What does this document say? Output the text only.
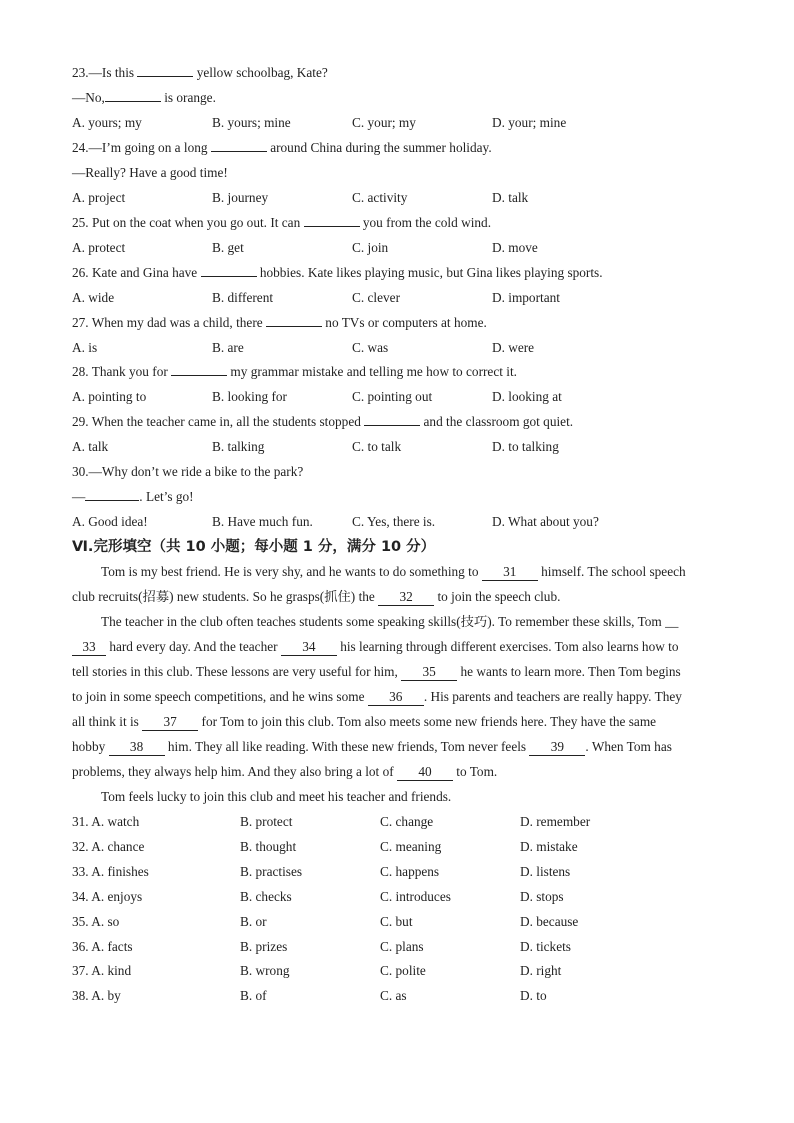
23.—Is this	yellow schoolbag, Kate?
—No,	is orange.
A. yours; my	B. yours; mine	C. your; my	D. your; mine
24.—I’m going on a long	around China during the summer holiday.
—Really? Have a good time!
A. project	B. journey	C. activity	D. talk
25. Put on the coat when you go out. It can	you from the cold wind.
A. protect	B. get	C. join	D. move
26. Kate and Gina have	hobbies. Kate likes playing music, but Gina likes playing sports.
A. wide	B. different	C. clever	D. important
27. When my dad was a child, there	no TVs or computers at home.
A. is	B. are	C. was	D. were
28. Thank you for	my grammar mistake and telling me how to correct it.
A. pointing to	B. looking for	C. pointing out	D. looking at
29. When the teacher came in, all the students stopped	and the classroom got quiet.
A. talk	B. talking	C. to talk	D. to talking
30.—Why don’t we ride a bike to the park?
—	. Let’s go!
A. Good idea!	B. Have much fun.	C. Yes, there is.	D. What about you?
Ⅵ.完形填空（共 10 小题；每小题 1 分，满分 10 分）
Tom is my best friend. He is very shy, and he wants to do something to 31 himself. The school speech
club recruits(招募) new students. So he grasps(抓住) the 32 to join the speech club.
The teacher in the club often teaches students some speaking skills(技巧). To remember these skills, Tom __
33 hard every day. And the teacher 34 his learning through different exercises. Tom also learns how to
tell stories in this club. These lessons are very useful for him, 35 he wants to learn more. Then Tom begins
to join in some speech competitions, and he wins some 36 . His parents and teachers are really happy. They
all think it is 37 for Tom to join this club. Tom also meets some new friends here. They have the same
hobby 38 him. They all like reading. With these new friends, Tom never feels 39 . When Tom has
problems, they always help him. And they also bring a lot of 40 to Tom.
Tom feels lucky to join this club and meet his teacher and friends.
31. A. watch	B. protect	C. change	D. remember
32. A. chance	B. thought	C. meaning	D. mistake
33. A. finishes	B. practises	C. happens	D. listens
34. A. enjoys	B. checks	C. introduces	D. stops
35. A. so	B. or	C. but	D. because
36. A. facts	B. prizes	C. plans	D. tickets
37. A. kind	B. wrong	C. polite	D. right
38. A. by	B. of	C. as	D. to
